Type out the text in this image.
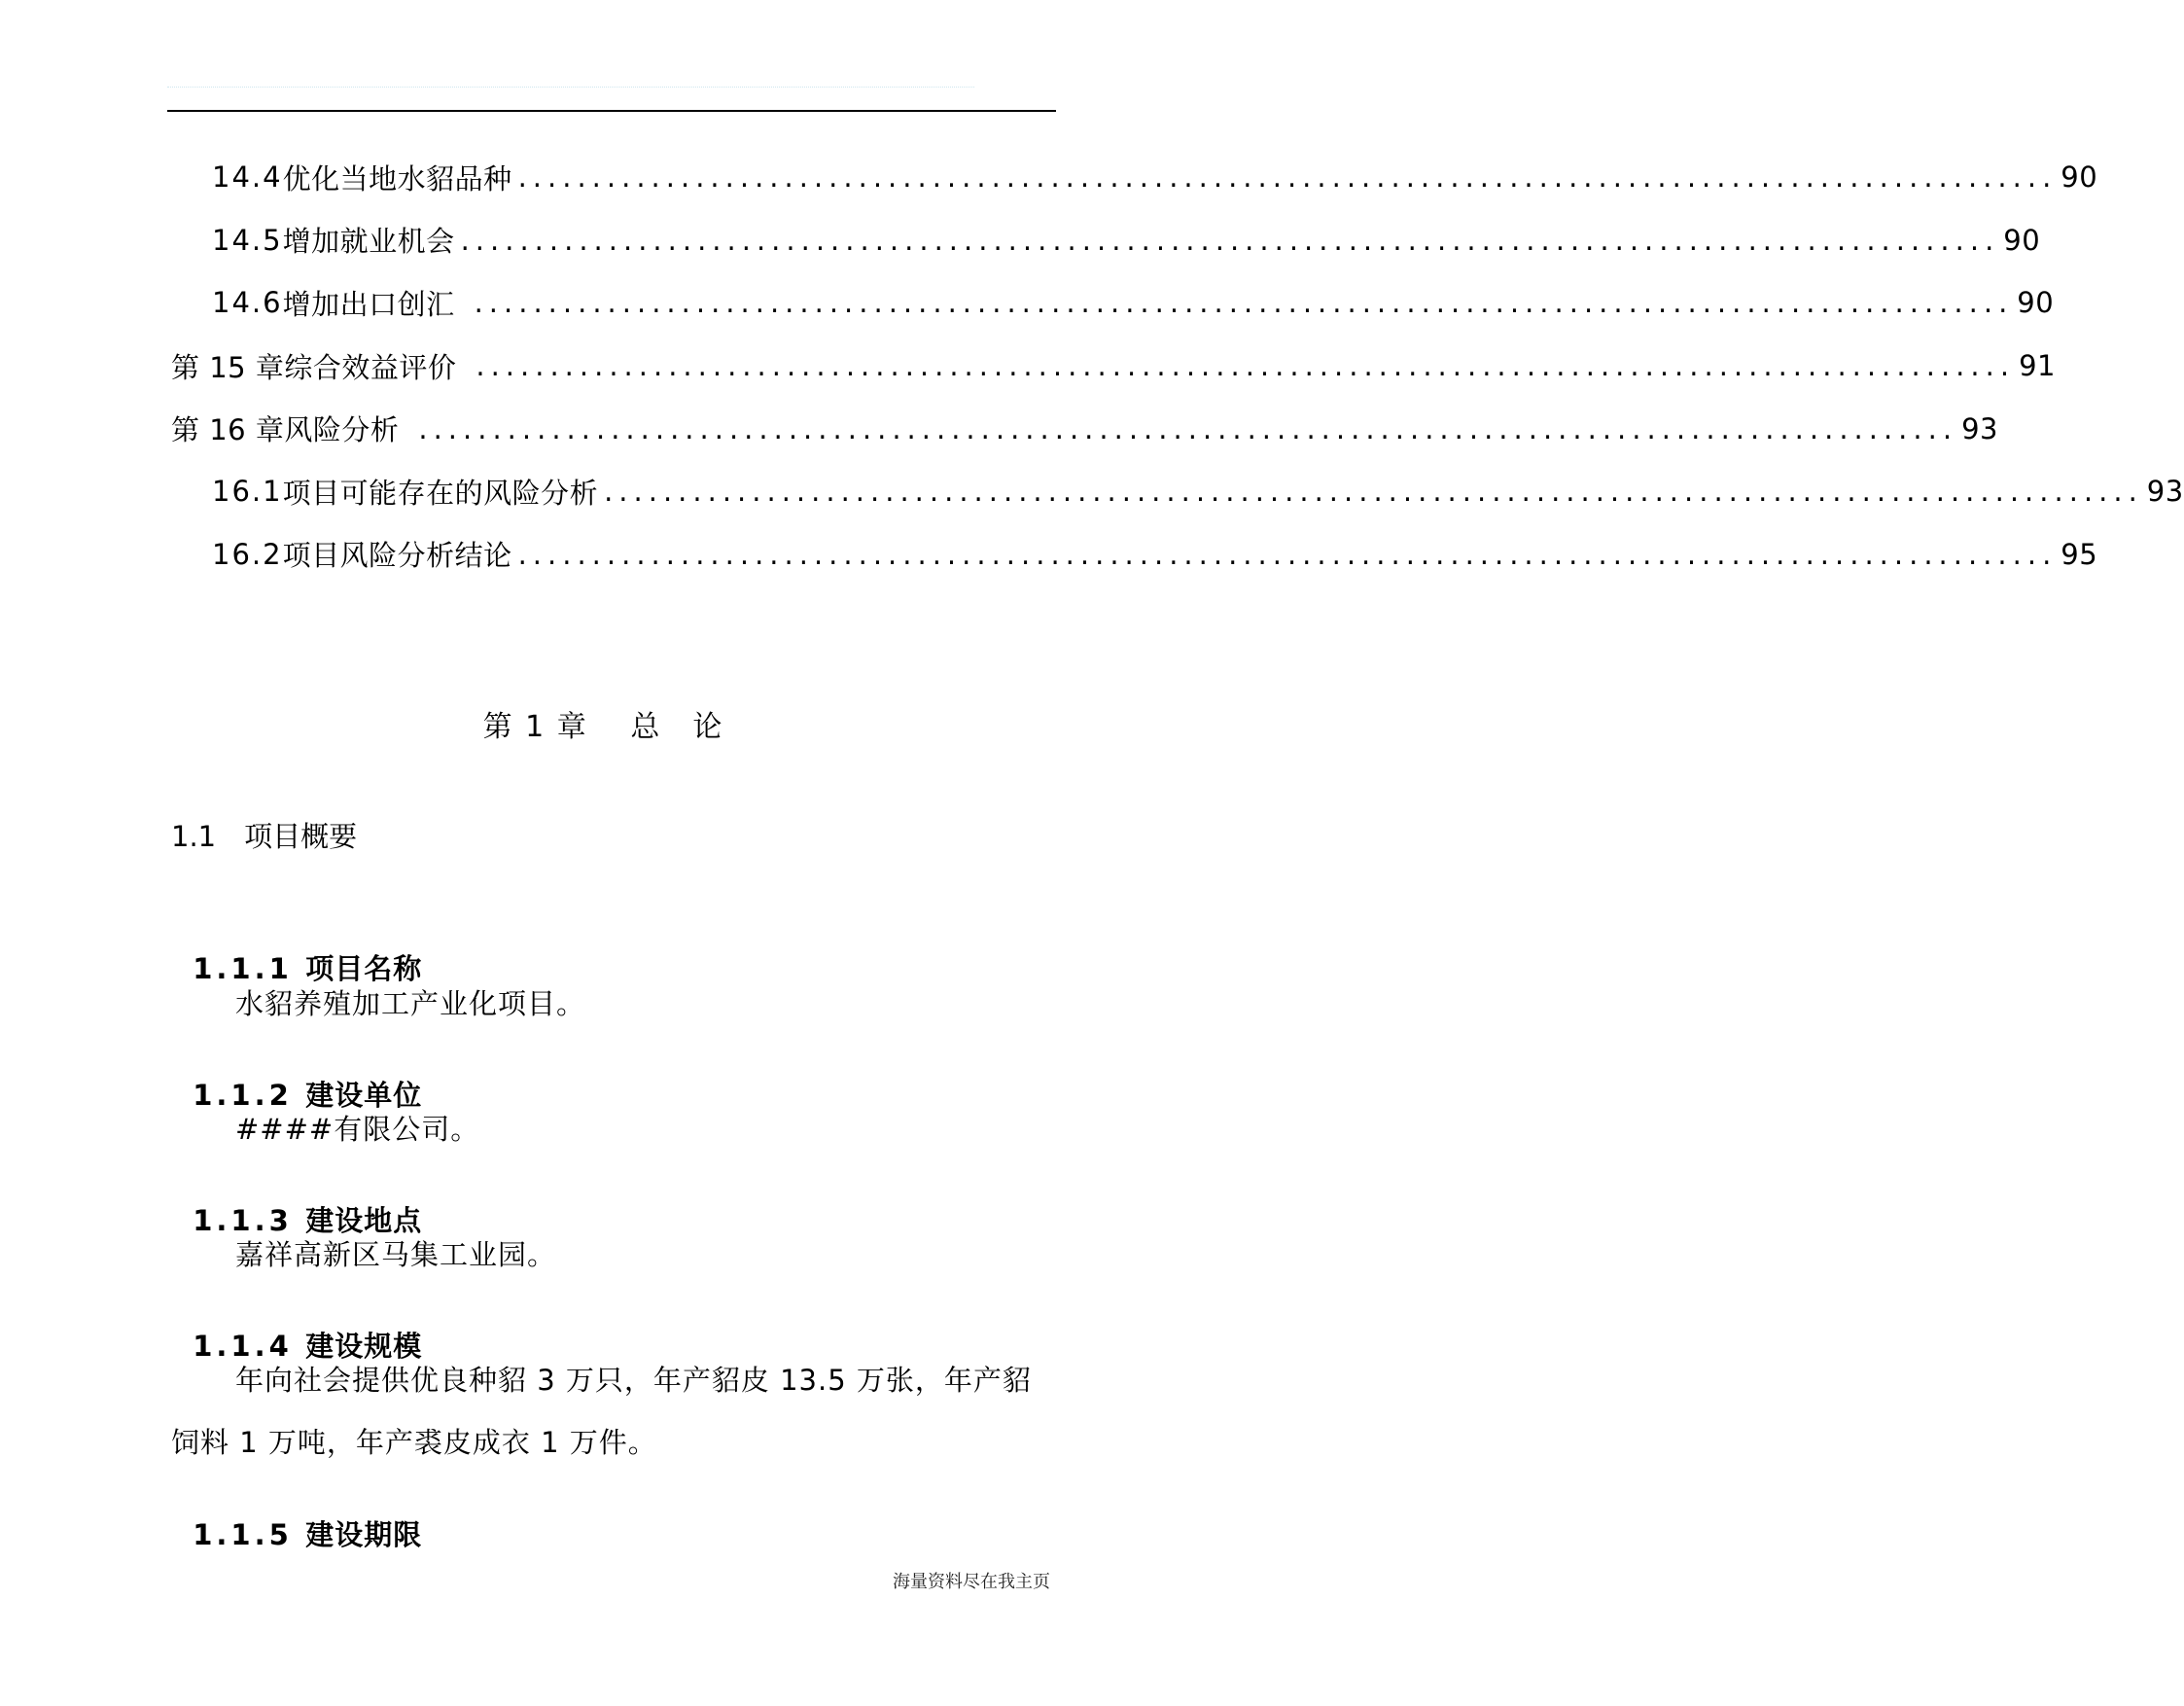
14.4 优化当地水貂品种 ........................................................................................................ 90
14.5 增加就业机会 ........................................................................................................ 90
14.6 增加出口创汇 ........................................................................................................ 90
第 15 章 综合效益评价 ........................................................................................................ 91
第 16 章 风险分析 ........................................................................................................ 93
16.1 项目可能存在的风险分析 ........................................................................................................ 93
16.2 项目风险分析结论 ........................................................................................................ 95
第 1 章　 总　论
1.1　项目概要

1.1.1 项目名称

水貂养殖加工产业化项目。

1.1.2 建设单位

####有限公司。

1.1.3 建设地点

嘉祥高新区马集工业园。

1.1.4 建设规模

年向社会提供优良种貂 3 万只，年产貂皮 13.5 万张，年产貂饲料 1 万吨，年产裘皮成衣 1 万件。

1.1.5 建设期限

海量资料尽在我主页
